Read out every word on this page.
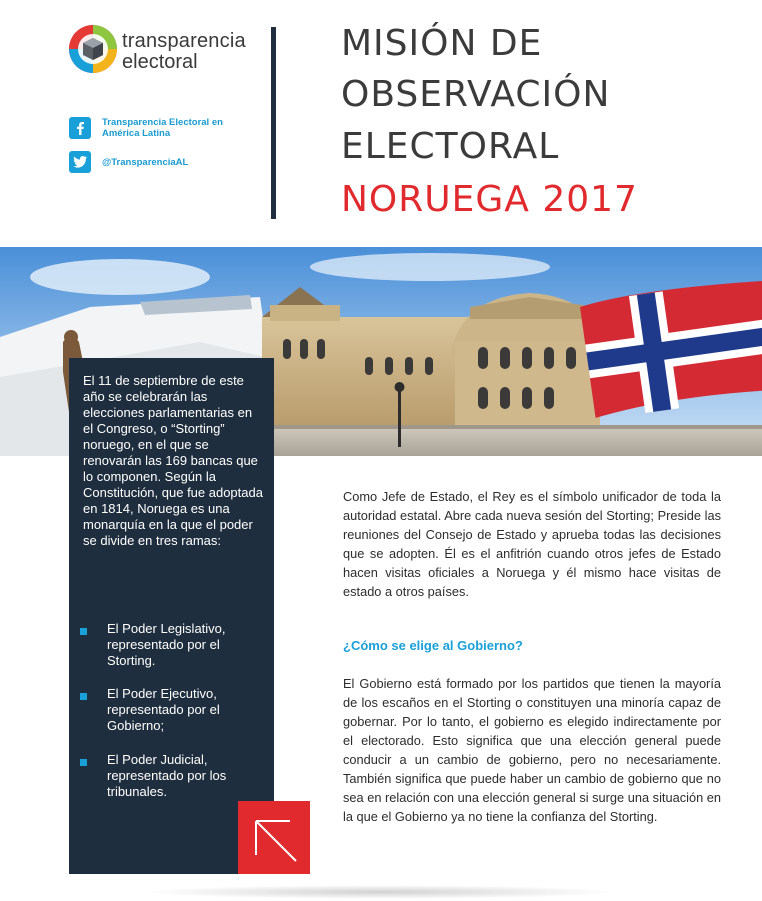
transparencia
electoral
Transparencia Electoral en América Latina
@TransparenciaAL
MISIÓN DE
OBSERVACIÓN
ELECTORAL
NORUEGA 2017
El 11 de septiembre de este año se celebrarán las elecciones parlamentarias en el Congreso, o “Storting” noruego, en el que se renovarán las 169 bancas que lo componen. Según la Constitución, que fue adoptada en 1814, Noruega es una monarquía en la que el poder se divide en tres ramas:
El Poder Legislativo, representado por el Storting.
El Poder Ejecutivo, representado por el Gobierno;
El Poder Judicial, representado por los tribunales.
Como Jefe de Estado, el Rey es el símbolo unificador de toda la autoridad estatal. Abre cada nueva sesión del Storting; Preside las reuniones del Consejo de Estado y aprueba todas las decisiones que se adopten. Él es el anfitrión cuando otros jefes de Estado hacen visitas oficiales a Noruega y él mismo hace visitas de estado a otros países.
¿Cómo se elige al Gobierno?
El Gobierno está formado por los partidos que tienen la mayoría de los escaños en el Storting o constituyen una minoría capaz de gobernar. Por lo tanto, el gobierno es elegido indirectamente por el electorado. Esto significa que una elección general puede conducir a un cambio de gobierno, pero no necesariamente. También significa que puede haber un cambio de gobierno que no sea en relación con una elección general si surge una situación en la que el Gobierno ya no tiene la confianza del Storting.
